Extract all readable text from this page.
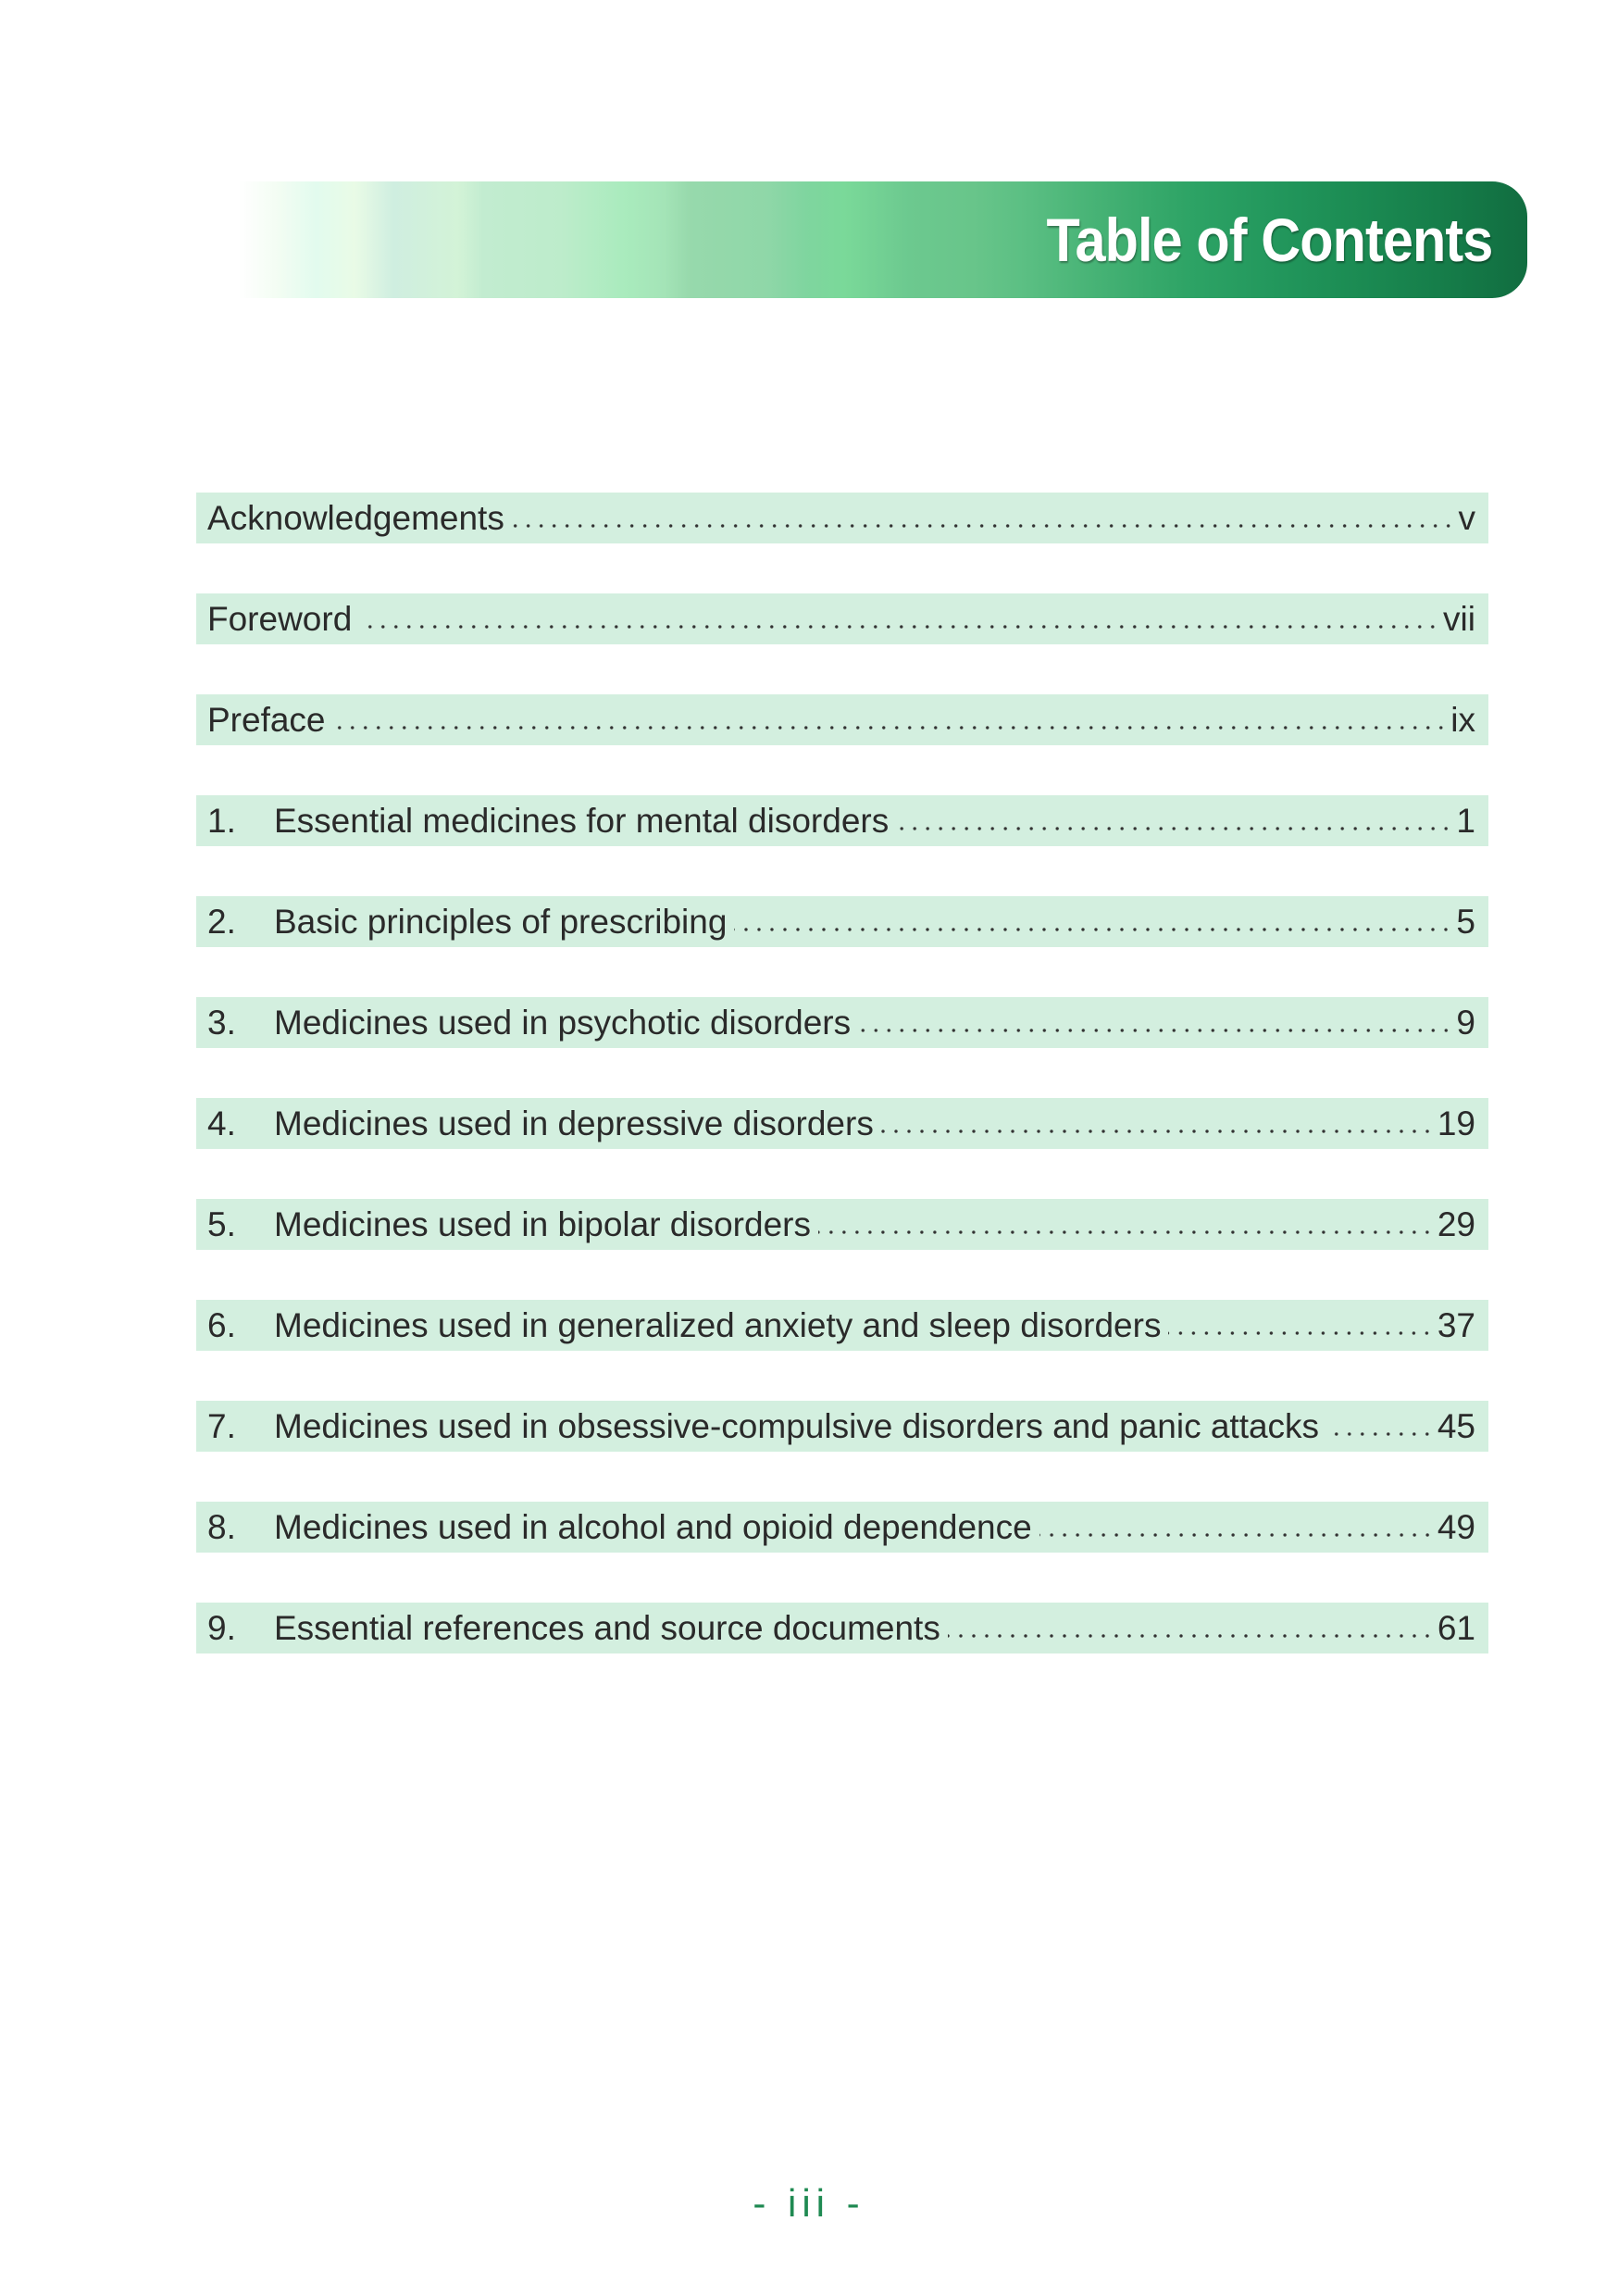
Table of Contents
Acknowledgements	v
Foreword	vii
Preface	ix
1.	Essential medicines for mental disorders	1
2.	Basic principles of prescribing	5
3.	Medicines used in psychotic disorders	9
4.	Medicines used in depressive disorders	19
5.	Medicines used in bipolar disorders	29
6.	Medicines used in generalized anxiety and sleep disorders	37
7.	Medicines used in obsessive-compulsive disorders and panic attacks	45
8.	Medicines used in alcohol and opioid dependence	49
9.	Essential references and source documents	61
- iii -
